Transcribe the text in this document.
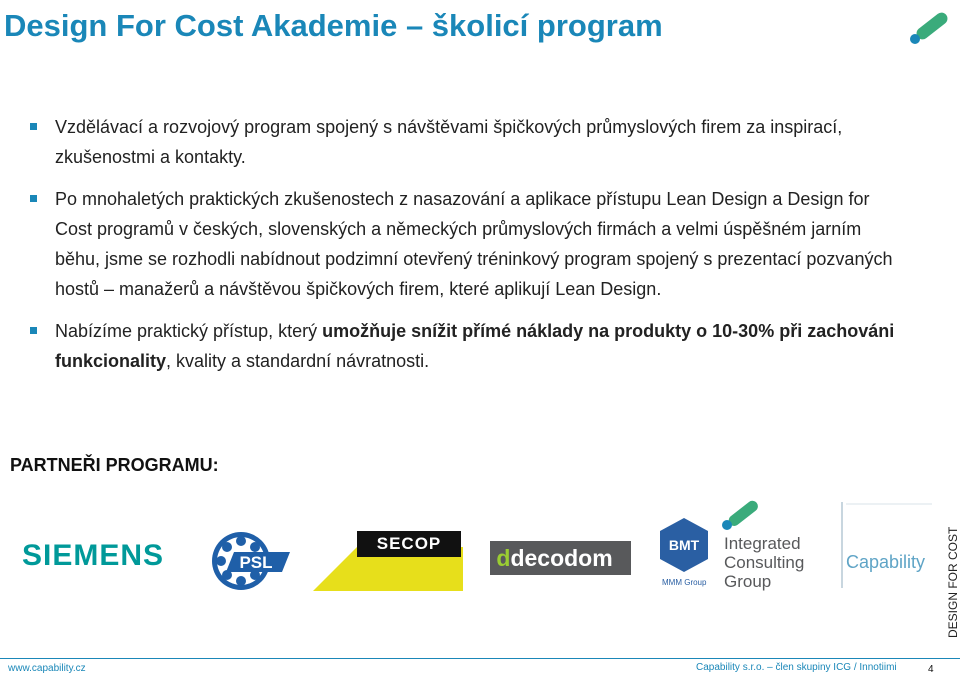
Design For Cost Akademie – školicí program
Vzdělávací a rozvojový program spojený s návštěvami špičkových průmyslových firem za inspirací, zkušenostmi a kontakty.
Po mnohaletých praktických zkušenostech z nasazování a aplikace přístupu Lean Design a Design for Cost programů v českých, slovenských a německých průmyslových firmách a velmi úspěšném jarním běhu, jsme se rozhodli nabídnout podzimní otevřený tréninkový program spojený s prezentací pozvaných hostů – manažerů a návštěvou špičkových firem, které aplikují Lean Design.
Nabízíme praktický přístup, který umožňuje snížit přímé náklady na produkty o 10-30% při zachováni funkcionality, kvality a standardní návratnosti.
PARTNEŘI PROGRAMU:
SIEMENS	PSL
SECOP
ddecodom	BMT
MMM Group
Integrated
Consulting
Group
Capability DESIGN FOR COST
www.capability.cz	Capability s.r.o. – člen skupiny ICG / Innotiimi	4
